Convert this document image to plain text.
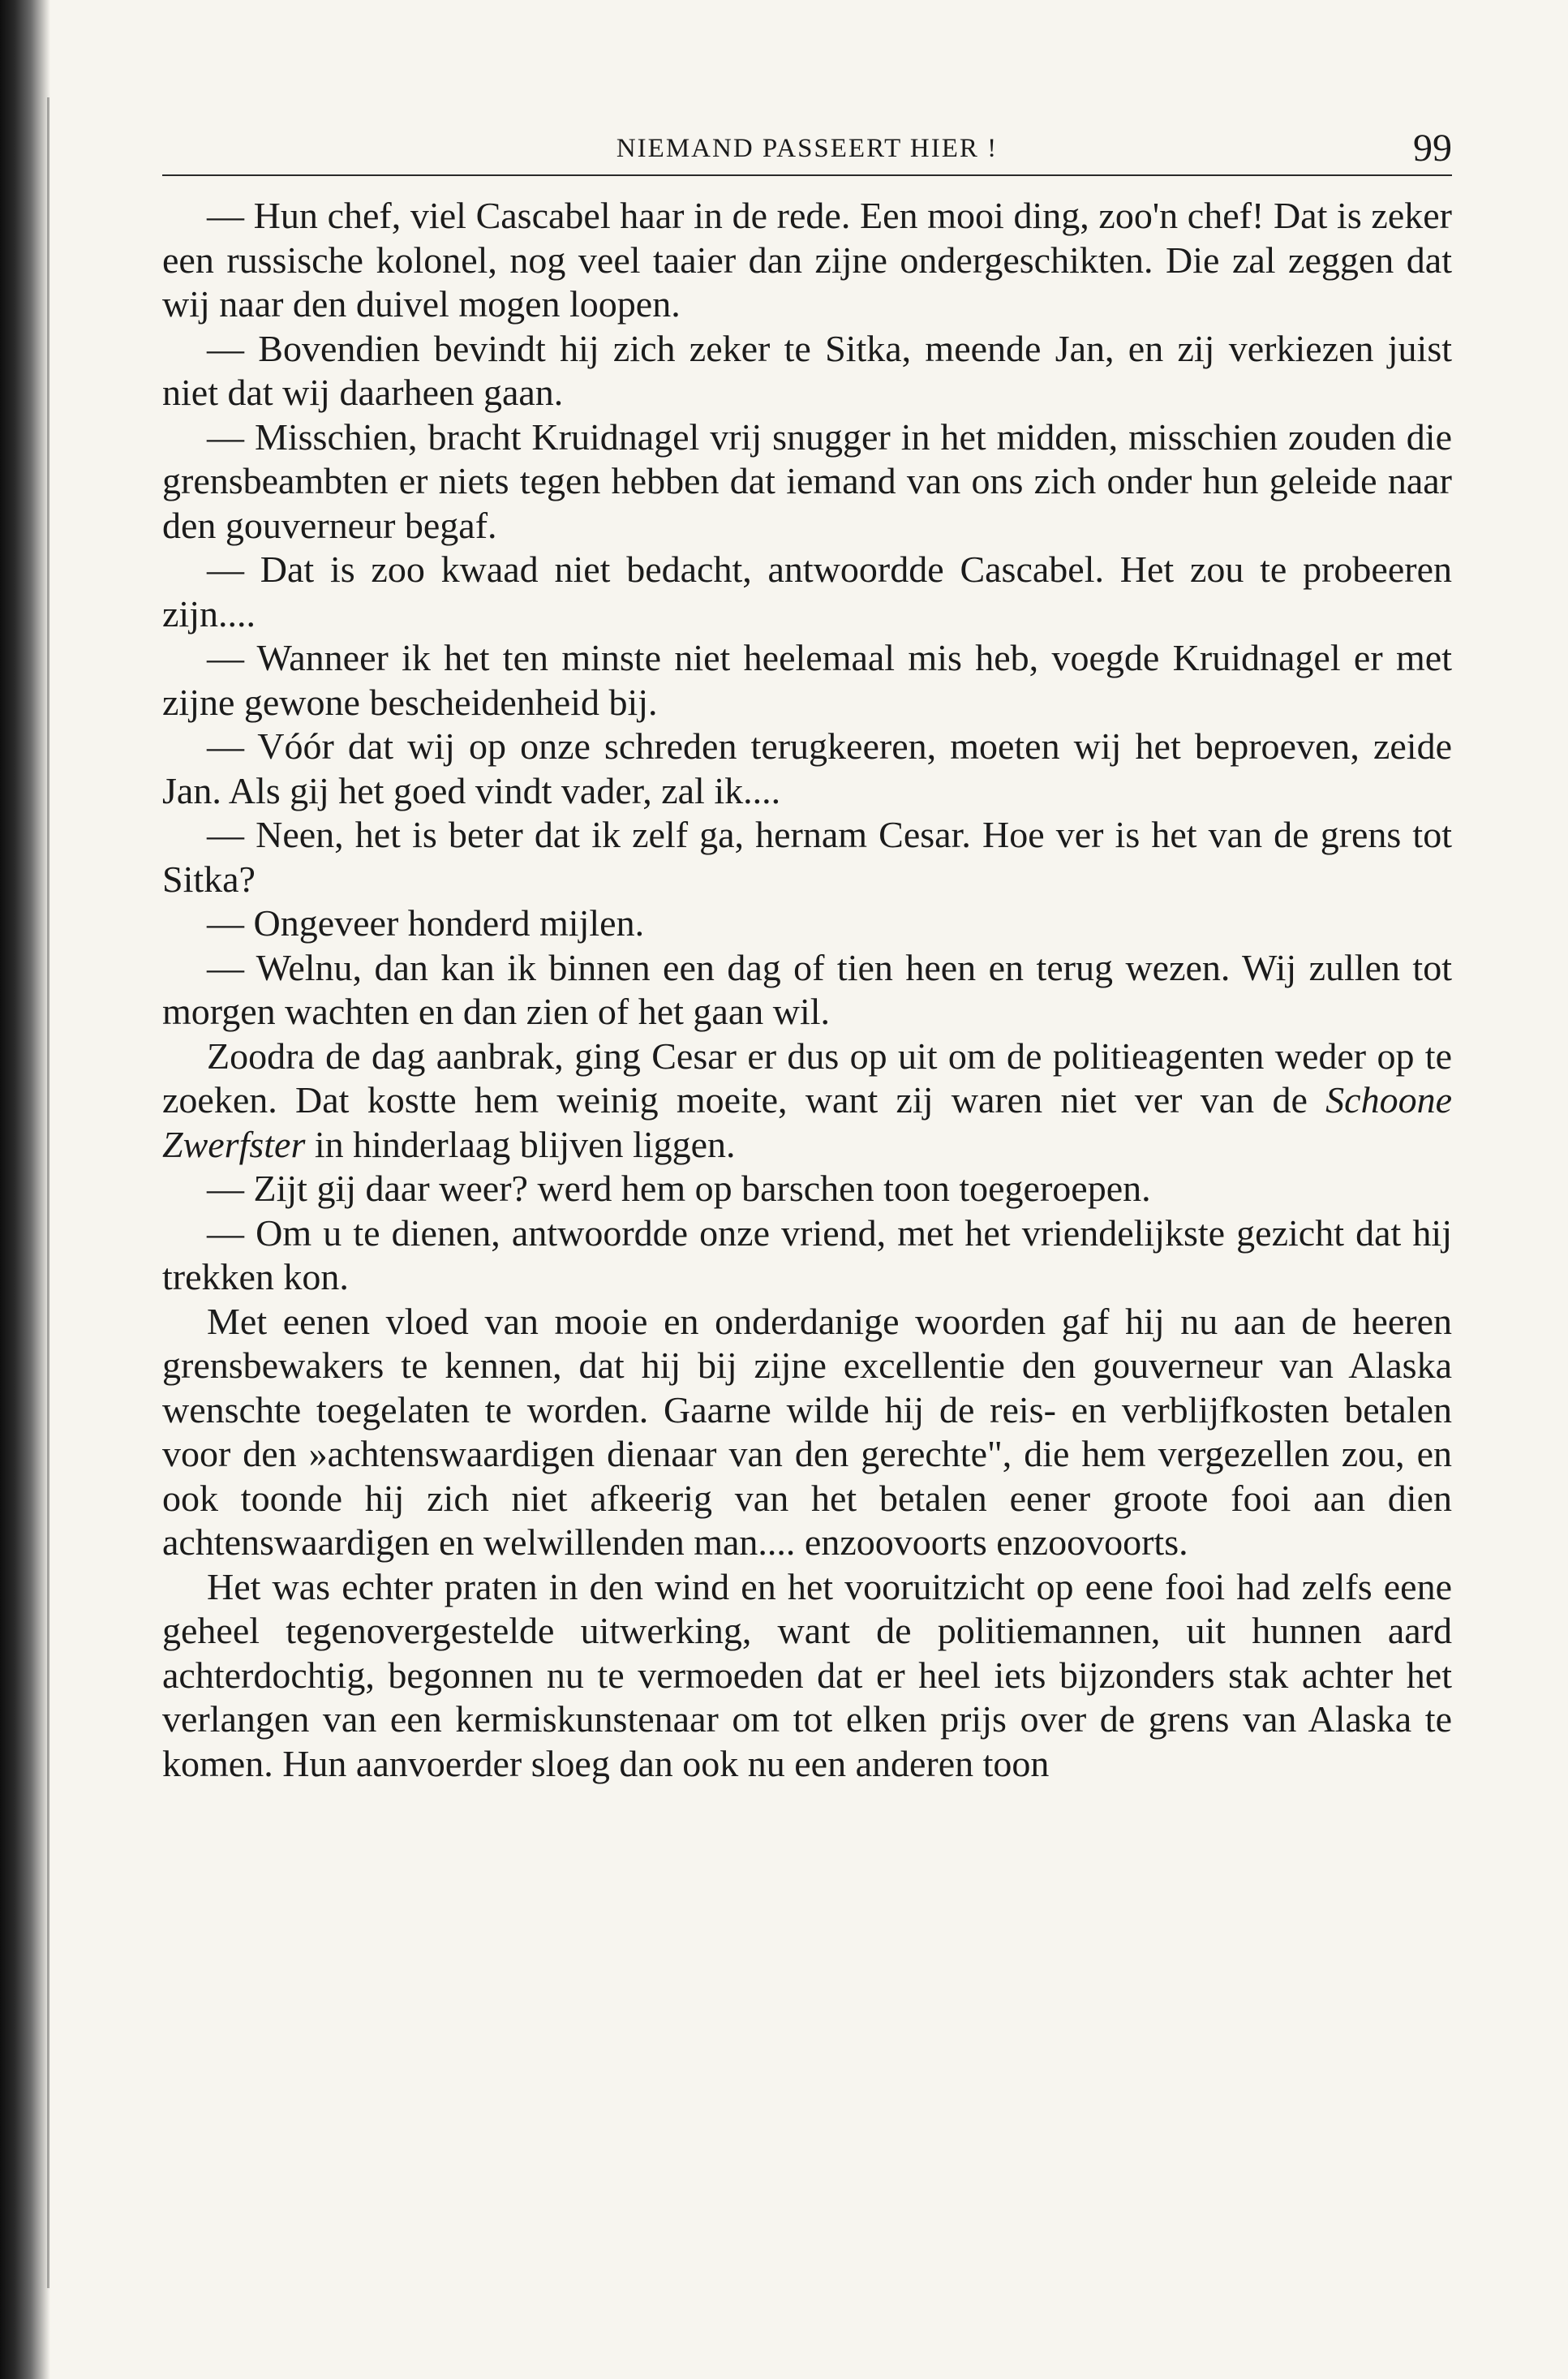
NIEMAND PASSEERT HIER !	99

— Hun chef, viel Cascabel haar in de rede. Een mooi ding, zoo'n chef! Dat is zeker een russische kolonel, nog veel taaier dan zijne ondergeschikten. Die zal zeggen dat wij naar den duivel mogen loopen.

— Bovendien bevindt hij zich zeker te Sitka, meende Jan, en zij verkiezen juist niet dat wij daarheen gaan.

— Misschien, bracht Kruidnagel vrij snugger in het midden, misschien zouden die grensbeambten er niets tegen hebben dat iemand van ons zich onder hun geleide naar den gouverneur begaf.

— Dat is zoo kwaad niet bedacht, antwoordde Cascabel. Het zou te probeeren zijn....

— Wanneer ik het ten minste niet heelemaal mis heb, voegde Kruidnagel er met zijne gewone bescheidenheid bij.

— Vóór dat wij op onze schreden terugkeeren, moeten wij het beproeven, zeide Jan. Als gij het goed vindt vader, zal ik....

— Neen, het is beter dat ik zelf ga, hernam Cesar. Hoe ver is het van de grens tot Sitka?

— Ongeveer honderd mijlen.

— Welnu, dan kan ik binnen een dag of tien heen en terug wezen. Wij zullen tot morgen wachten en dan zien of het gaan wil.

Zoodra de dag aanbrak, ging Cesar er dus op uit om de politieagenten weder op te zoeken. Dat kostte hem weinig moeite, want zij waren niet ver van de Schoone Zwerfster in hinderlaag blijven liggen.

— Zijt gij daar weer? werd hem op barschen toon toegeroepen.

— Om u te dienen, antwoordde onze vriend, met het vriendelijkste gezicht dat hij trekken kon.

Met eenen vloed van mooie en onderdanige woorden gaf hij nu aan de heeren grensbewakers te kennen, dat hij bij zijne excellentie den gouverneur van Alaska wenschte toegelaten te worden. Gaarne wilde hij de reis- en verblijfkosten betalen voor den »achtenswaardigen dienaar van den gerechte", die hem vergezellen zou, en ook toonde hij zich niet afkeerig van het betalen eener groote fooi aan dien achtenswaardigen en welwillenden man.... enzoovoorts enzoovoorts.

Het was echter praten in den wind en het vooruitzicht op eene fooi had zelfs eene geheel tegenovergestelde uitwerking, want de politiemannen, uit hunnen aard achterdochtig, begonnen nu te vermoeden dat er heel iets bijzonders stak achter het verlangen van een kermiskunstenaar om tot elken prijs over de grens van Alaska te komen. Hun aanvoerder sloeg dan ook nu een anderen toon
